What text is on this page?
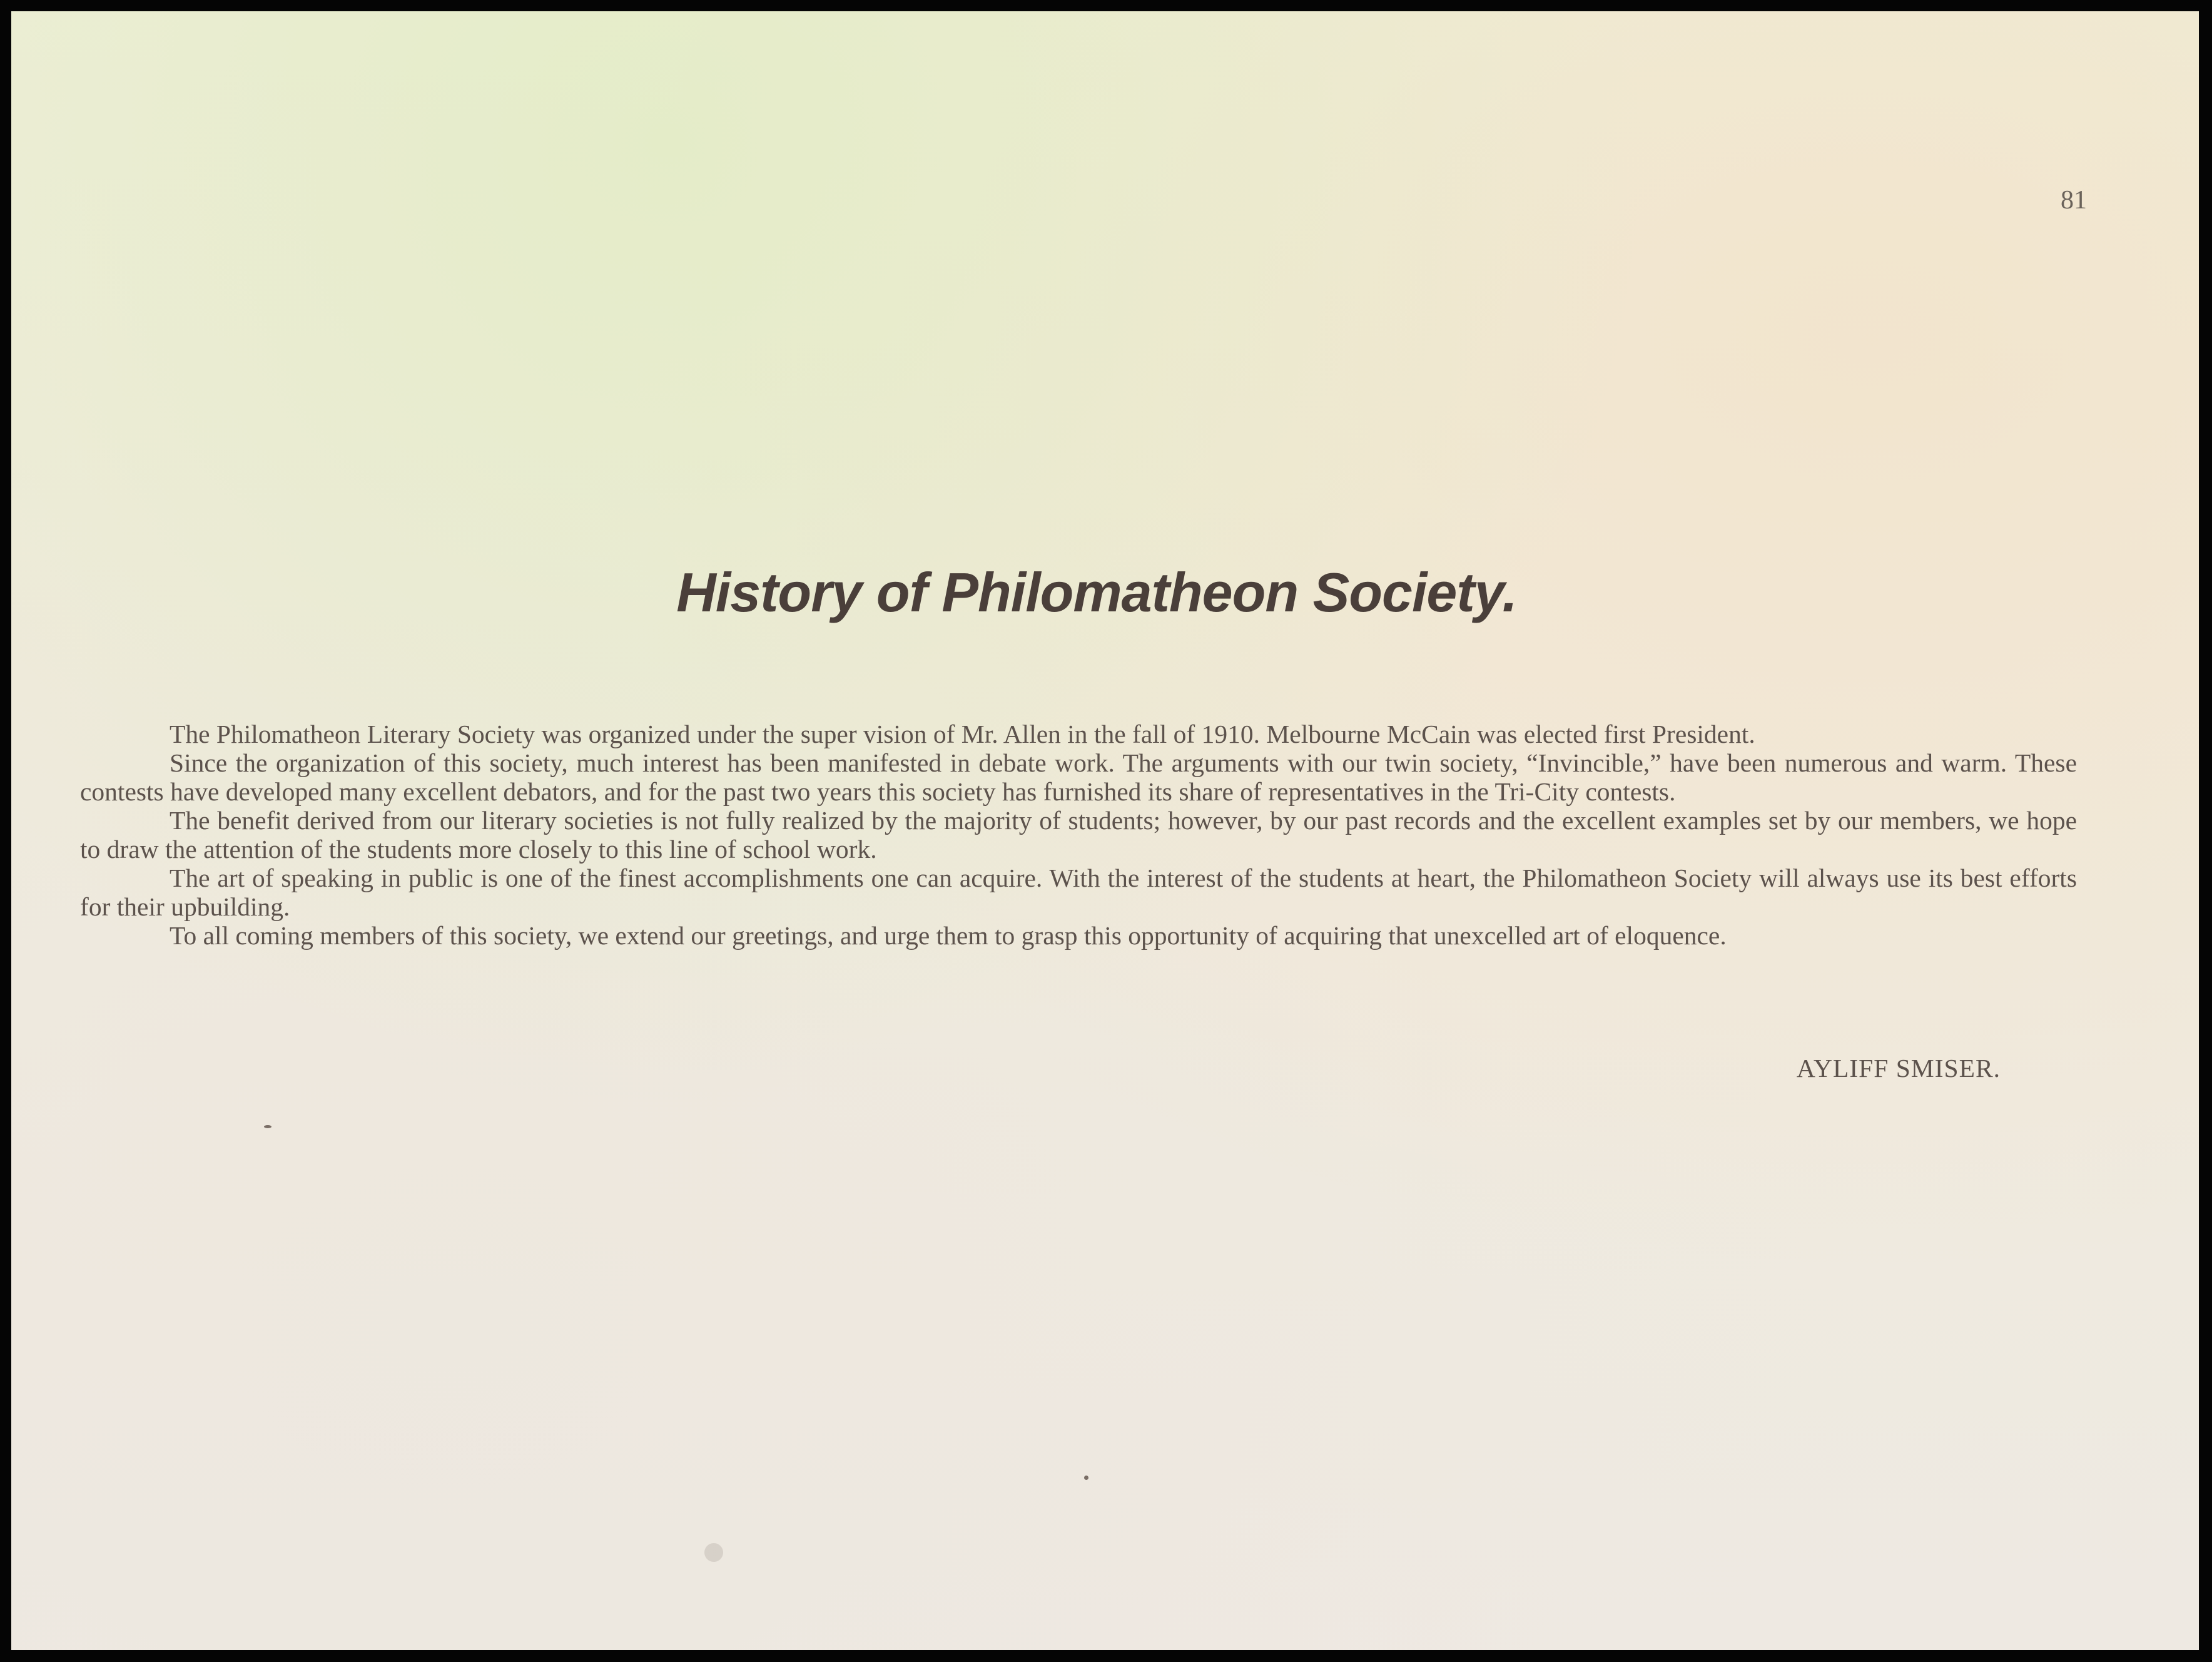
81
History of Philomatheon Society.

The Philomatheon Literary Society was organized under the super vision of Mr. Allen in the fall of 1910. Melbourne McCain was elected first President.

Since the organization of this society, much interest has been manifested in debate work. The arguments with our twin society, “Invincible,” have been numerous and warm. These contests have developed many excellent debators, and for the past two years this society has furnished its share of representatives in the Tri-City contests.

The benefit derived from our literary societies is not fully realized by the majority of students; however, by our past records and the excellent examples set by our members, we hope to draw the attention of the students more closely to this line of school work.

The art of speaking in public is one of the finest accomplishments one can acquire. With the interest of the students at heart, the Philomatheon Society will always use its best efforts for their upbuilding.

To all coming members of this society, we extend our greetings, and urge them to grasp this opportunity of acquiring that unexcelled art of eloquence.

AYLIFF SMISER.
